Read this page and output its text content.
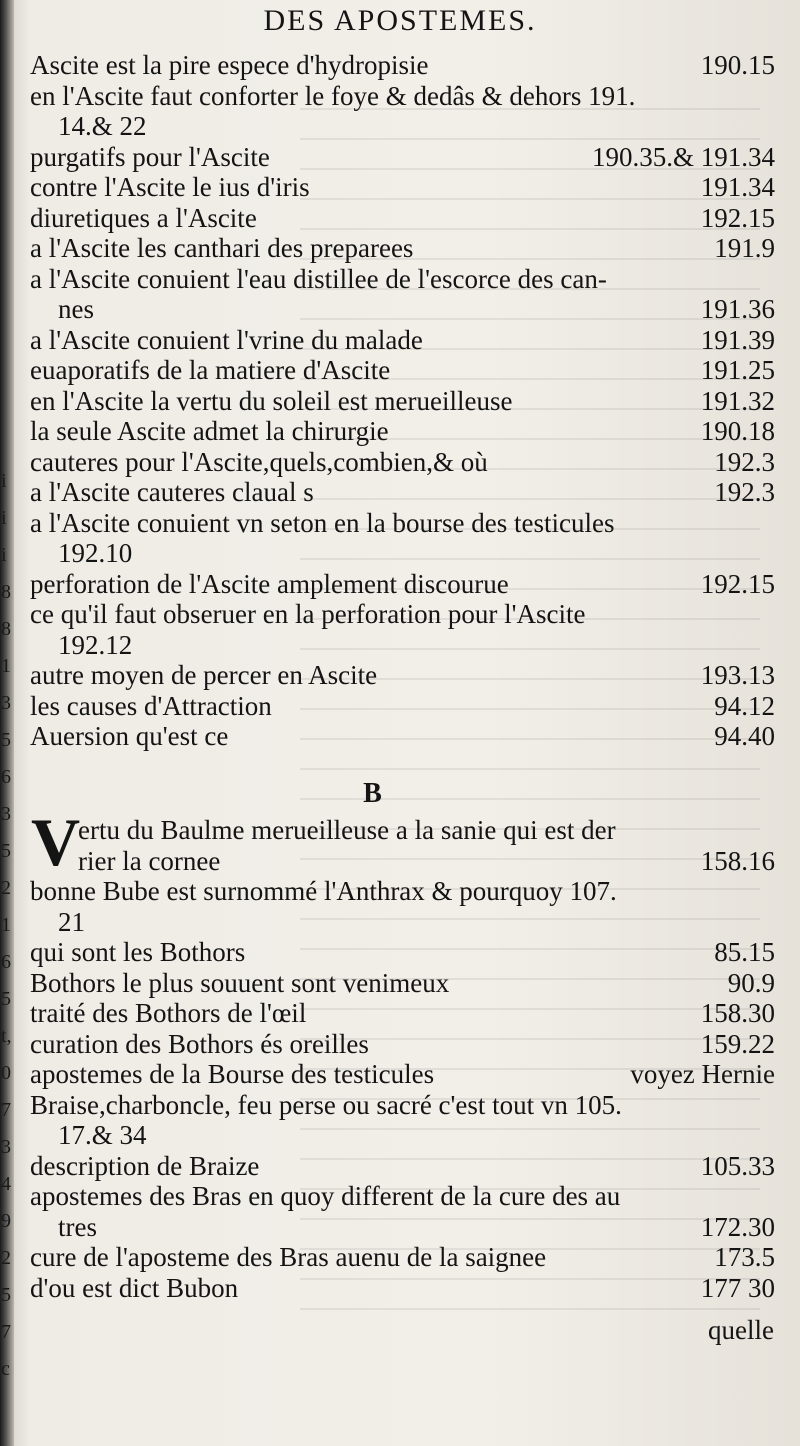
i
i
i
8
8
1
3
5
6
3
5
2
1
6
5
t,
0
7
3
4
9
2
5
7
c
DES APOSTEMES.
Ascite est la pire espece d'hydropisie	190.15
en l'Ascite faut conforter le foye & dedâs & dehors 191.
14.& 22
purgatifs pour l'Ascite	190.35.& 191.34
contre l'Ascite le ius d'iris	191.34
diuretiques a l'Ascite	192.15
a l'Ascite les canthari des preparees	191.9
a l'Ascite conuient l'eau distillee de l'escorce des can-
nes	191.36
a l'Ascite conuient l'vrine du malade	191.39
euaporatifs de la matiere d'Ascite	191.25
en l'Ascite la vertu du soleil est merueilleuse	191.32
la seule Ascite admet la chirurgie	190.18
cauteres pour l'Ascite,quels,combien,& où	192.3
a l'Ascite cauteres claual s	192.3
a l'Ascite conuient vn seton en la bourse des testicules
192.10
perforation de l'Ascite amplement discourue	192.15
ce qu'il faut obseruer en la perforation pour l'Ascite
192.12
autre moyen de percer en Ascite	193.13
les causes d'Attraction	94.12
Auersion qu'est ce	94.40
B
V
ertu du Baulme merueilleuse a la sanie qui est der
rier la cornee	158.16
bonne Bube est surnommé l'Anthrax & pourquoy 107.
21
qui sont les Bothors	85.15
Bothors le plus souuent sont venimeux	90.9
traité des Bothors de l'œil	158.30
curation des Bothors és oreilles	159.22
apostemes de la Bourse des testicules	voyez Hernie
Braise,charboncle, feu perse ou sacré c'est tout vn 105.
17.& 34
description de Braize	105.33
apostemes des Bras en quoy different de la cure des au
tres	172.30
cure de l'aposteme des Bras auenu de la saignee	173.5
d'ou est dict Bubon	177 30
quelle
